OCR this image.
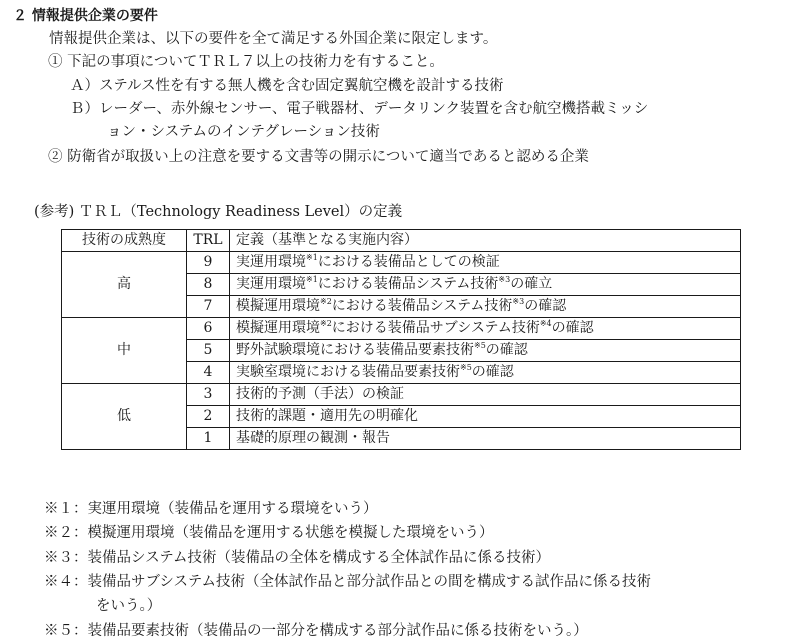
２ 情報提供企業の要件
情報提供企業は、以下の要件を全て満足する外国企業に限定します。
① 下記の事項についてＴＲＬ７以上の技術力を有すること。
Ａ）ステルス性を有する無人機を含む固定翼航空機を設計する技術
Ｂ）レーダー、赤外線センサー、電子戦器材、データリンク装置を含む航空機搭載ミッシ
ョン・システムのインテグレーション技術
② 防衛省が取扱い上の注意を要する文書等の開示について適当であると認める企業
(参考) ＴＲＬ（Technology Readiness Level）の定義
技術の成熟度	TRL	定義（基準となる実施内容）
高	9	実運用環境$^{※1}$における装備品としての検証
	8	実運用環境$^{※1}$における装備品システム技術$^{※3}$の確立
	7	模擬運用環境$^{※2}$における装備品システム技術$^{※3}$の確認
中	6	模擬運用環境$^{※2}$における装備品サブシステム技術$^{※4}$の確認
	5	野外試験環境における装備品要素技術$^{※5}$の確認
	4	実験室環境における装備品要素技術$^{※5}$の確認
低	3	技術的予測（手法）の検証
	2	技術的課題・適用先の明確化
	1	基礎的原理の観測・報告
※１：実運用環境（装備品を運用する環境をいう）
※２：模擬運用環境（装備品を運用する状態を模擬した環境をいう）
※３：装備品システム技術（装備品の全体を構成する全体試作品に係る技術）
※４：装備品サブシステム技術（全体試作品と部分試作品との間を構成する試作品に係る技術
をいう。）
※５：装備品要素技術（装備品の一部分を構成する部分試作品に係る技術をいう。）
